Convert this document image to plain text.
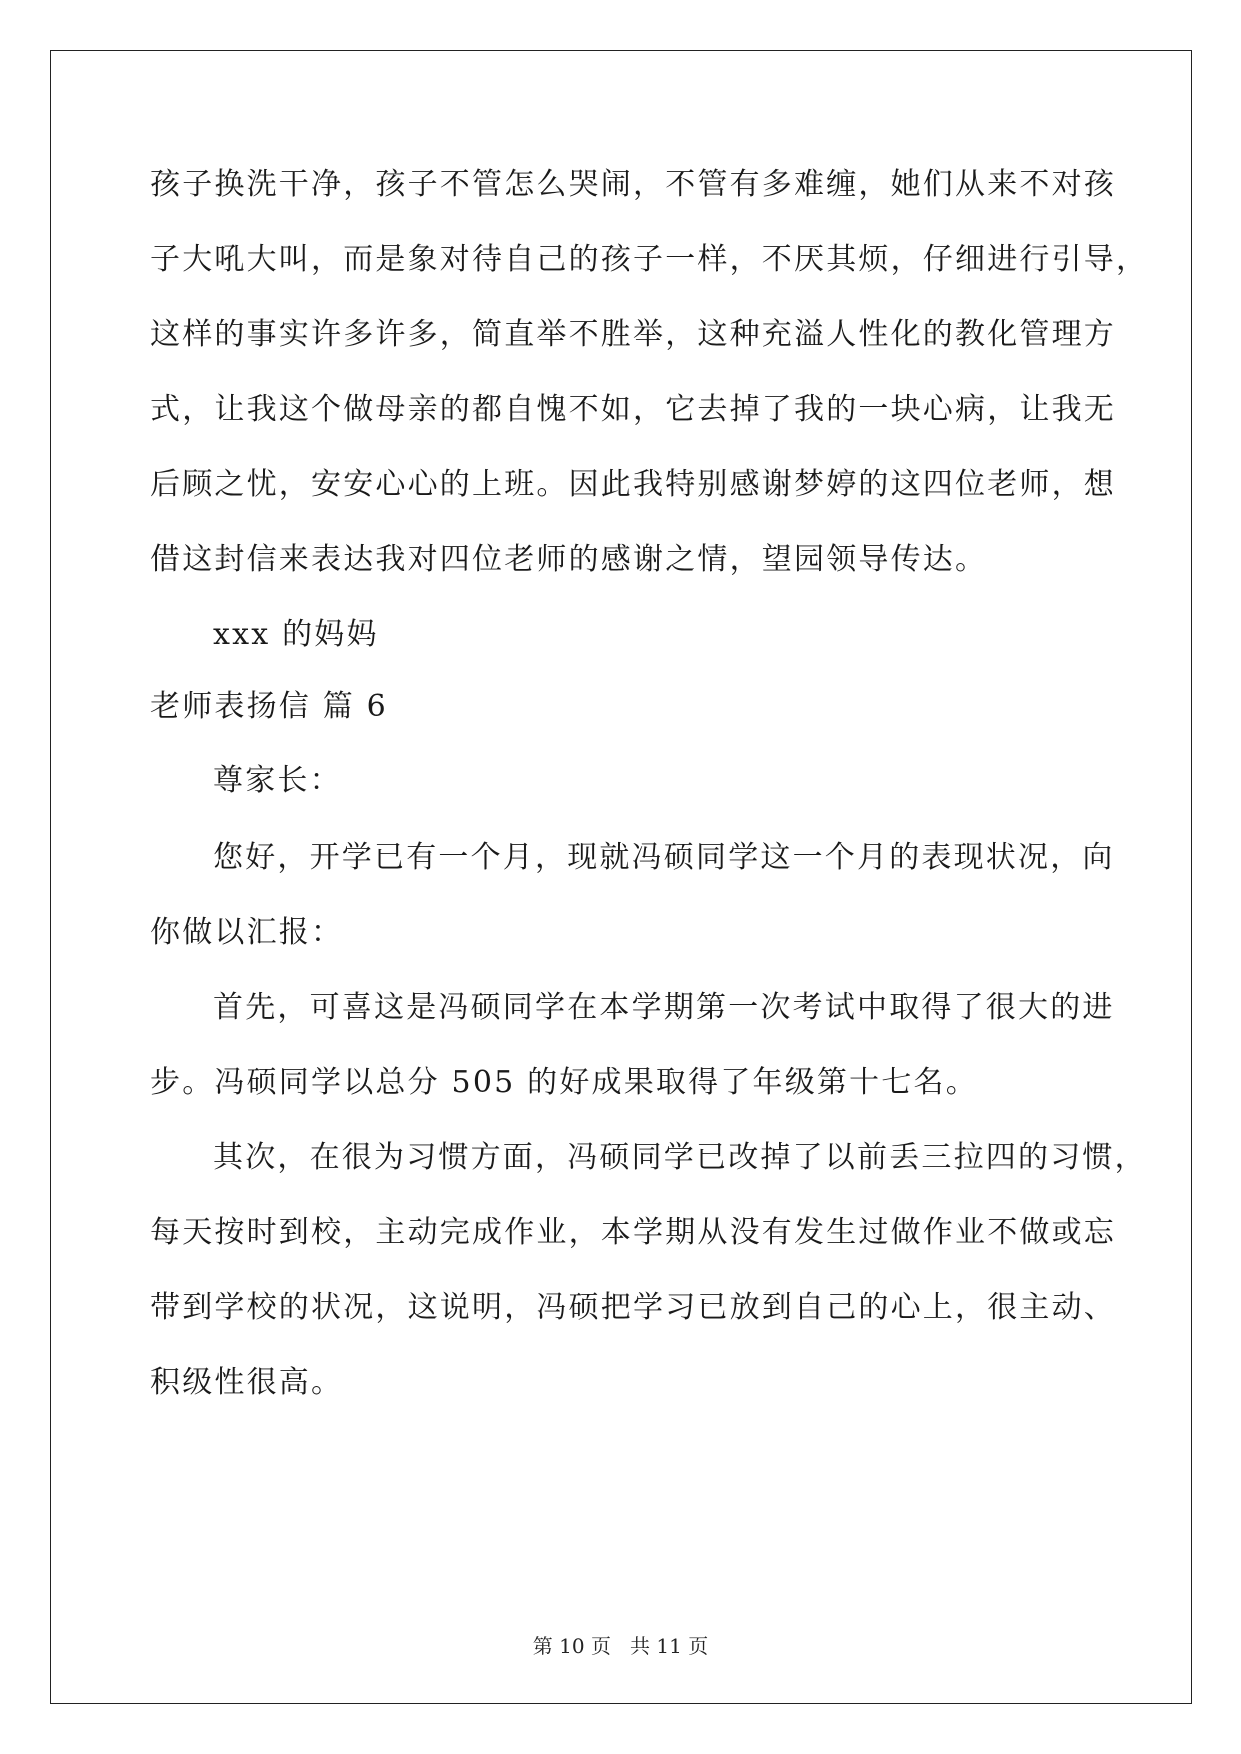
孩子换洗干净，孩子不管怎么哭闹，不管有多难缠，她们从来不对孩
子大吼大叫，而是象对待自己的孩子一样，不厌其烦，仔细进行引导，
这样的事实许多许多，简直举不胜举，这种充溢人性化的教化管理方
式，让我这个做母亲的都自愧不如，它去掉了我的一块心病，让我无
后顾之忧，安安心心的上班。因此我特别感谢梦婷的这四位老师，想
借这封信来表达我对四位老师的感谢之情，望园领导传达。
xxx 的妈妈
老师表扬信 篇 6
尊家长：
您好，开学已有一个月，现就冯硕同学这一个月的表现状况，向
你做以汇报：
首先，可喜这是冯硕同学在本学期第一次考试中取得了很大的进
步。冯硕同学以总分 505 的好成果取得了年级第十七名。
其次，在很为习惯方面，冯硕同学已改掉了以前丢三拉四的习惯，
每天按时到校，主动完成作业，本学期从没有发生过做作业不做或忘
带到学校的状况，这说明，冯硕把学习已放到自己的心上，很主动、
积级性很高。
第 10 页   共 11 页
